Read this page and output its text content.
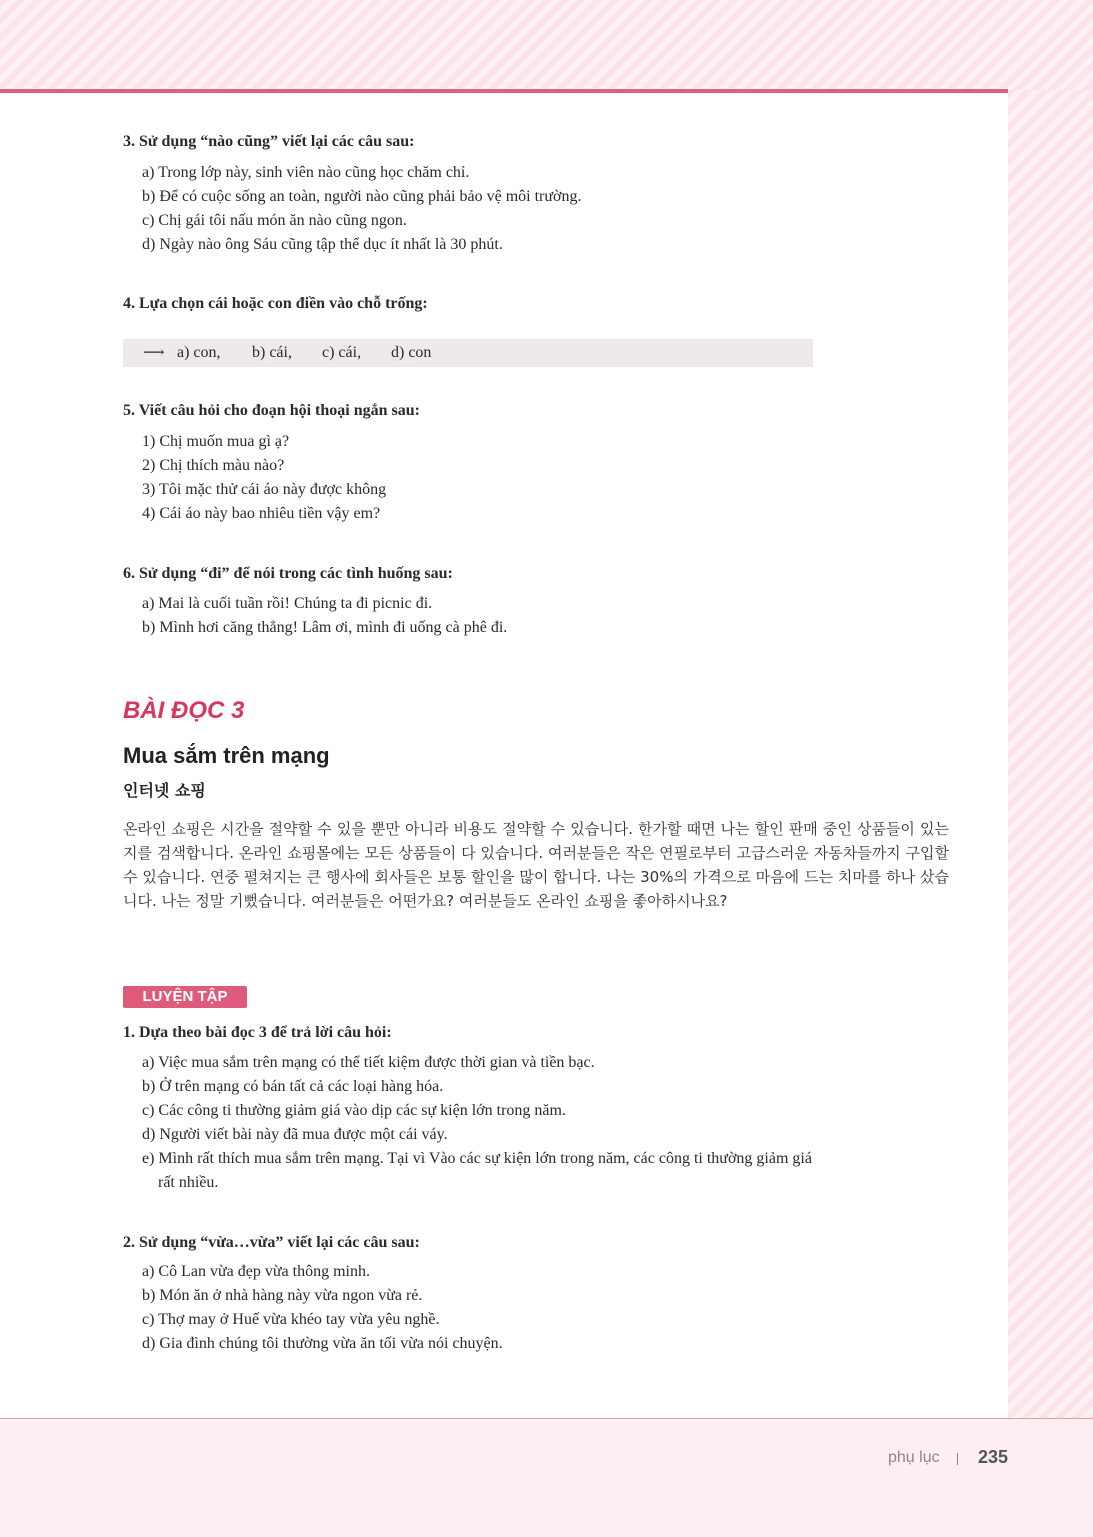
3. Sử dụng “nào cũng” viết lại các câu sau:
a) Trong lớp này, sinh viên nào cũng học chăm chỉ.
b) Để có cuộc sống an toàn, người nào cũng phải bảo vệ môi trường.
c) Chị gái tôi nấu món ăn nào cũng ngon.
d) Ngày nào ông Sáu cũng tập thể dục ít nhất là 30 phút.
4. Lựa chọn cái hoặc con điền vào chỗ trống:
⟶ a) con, b) cái, c) cái, d) con
5. Viết câu hỏi cho đoạn hội thoại ngắn sau:
1) Chị muốn mua gì ạ?
2) Chị thích màu nào?
3) Tôi mặc thử cái áo này được không
4) Cái áo này bao nhiêu tiền vậy em?
6. Sử dụng “đi” để nói trong các tình huống sau:
a) Mai là cuối tuần rồi! Chúng ta đi picnic đi.
b) Mình hơi căng thẳng! Lâm ơi, mình đi uống cà phê đi.
BÀI ĐỌC 3
Mua sắm trên mạng
인터넷 쇼핑
온라인 쇼핑은 시간을 절약할 수 있을 뿐만 아니라 비용도 절약할 수 있습니다. 한가할 때면 나는 할인 판매 중인 상품들이 있는지를 검색합니다. 온라인 쇼핑몰에는 모든 상품들이 다 있습니다. 여러분들은 작은 연필로부터 고급스러운 자동차들까지 구입할 수 있습니다. 연중 펼쳐지는 큰 행사에 회사들은 보통 할인을 많이 합니다. 나는 30%의 가격으로 마음에 드는 치마를 하나 샀습니다. 나는 정말 기뻤습니다. 여러분들은 어떤가요? 여러분들도 온라인 쇼핑을 좋아하시나요?
LUYỆN TẬP
1. Dựa theo bài đọc 3 để trả lời câu hỏi:
a) Việc mua sắm trên mạng có thể tiết kiệm được thời gian và tiền bạc.
b) Ở trên mạng có bán tất cả các loại hàng hóa.
c) Các công ti thường giảm giá vào dịp các sự kiện lớn trong năm.
d) Người viết bài này đã mua được một cái váy.
e) Mình rất thích mua sắm trên mạng. Tại vì Vào các sự kiện lớn trong năm, các công ti thường giảm giá
rất nhiều.
2. Sử dụng “vừa…vừa” viết lại các câu sau:
a) Cô Lan vừa đẹp vừa thông minh.
b) Món ăn ở nhà hàng này vừa ngon vừa rẻ.
c) Thợ may ở Huế vừa khéo tay vừa yêu nghề.
d) Gia đình chúng tôi thường vừa ăn tối vừa nói chuyện.
phụ lục 235
